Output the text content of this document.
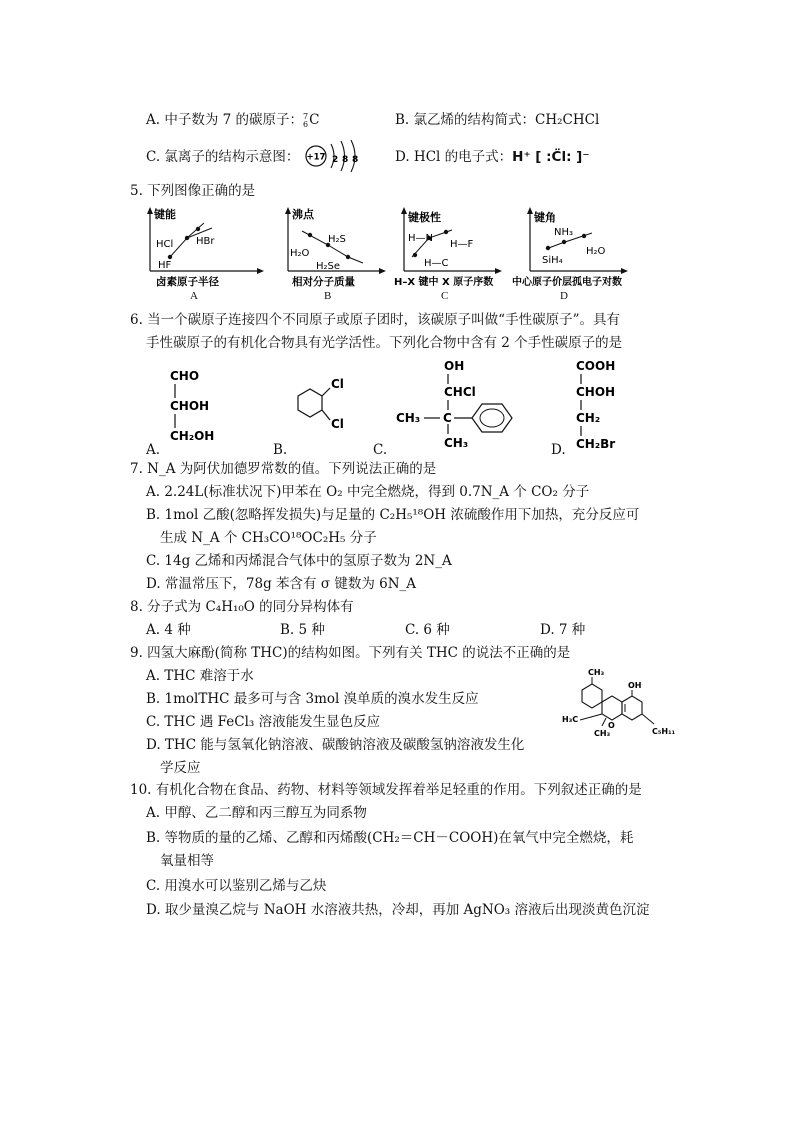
A. 中子数为 7 的碳原子：7
6C	B. 氯乙烯的结构简式：CH₂CHCl
C. 氯离子的结构示意图： +17 2 8 8	D. HCl 的电子式：H⁺ [ :C̈l: ]⁻
5. 下列图像正确的是
键能
HF
HCl HBr
卤素原子半径
A
沸点
H₂O
H₂S
H₂Se
相对分子质量
B
键极性
H—N
H—F
H—C
H–X 键中 X 原子序数
C
键角
SiH₄
NH₃
H₂O
中心原子价层孤电子对数
D
6. 当一个碳原子连接四个不同原子或原子团时，该碳原子叫做“手性碳原子”。具有
手性碳原子的有机化合物具有光学活性。下列化合物中含有 2 个手性碳原子的是
A.
CHO
CHOH
CH₂OH
B.
Cl
Cl
C.
OH
CHCl
CH₃ C
CH₃	D.
COOH
CHOH
CH₂
CH₂Br
7. N_A 为阿伏加德罗常数的值。下列说法正确的是
A. 2.24L(标准状况下)甲苯在 O₂ 中完全燃烧，得到 0.7N_A 个 CO₂ 分子
B. 1mol 乙酸(忽略挥发损失)与足量的 C₂H₅¹⁸OH 浓硫酸作用下加热，充分反应可
生成 N_A 个 CH₃CO¹⁸OC₂H₅ 分子
C. 14g 乙烯和丙烯混合气体中的氢原子数为 2N_A
D. 常温常压下，78g 苯含有 σ 键数为 6N_A
8. 分子式为 C₄H₁₀O 的同分异构体有
A. 4 种	B. 5 种	C. 6 种	D. 7 种
9. 四氢大麻酚(简称 THC)的结构如图。下列有关 THC 的说法不正确的是
A. THC 难溶于水
B. 1molTHC 最多可与含 3mol 溴单质的溴水发生反应
C. THC 遇 FeCl₃ 溶液能发生显色反应
D. THC 能与氢氧化钠溶液、碳酸钠溶液及碳酸氢钠溶液发生化
学反应
CH₃
OH
H₃C
CH₃
O
C₅H₁₁
10. 有机化合物在食品、药物、材料等领域发挥着举足轻重的作用。下列叙述正确的是
A. 甲醇、乙二醇和丙三醇互为同系物
B. 等物质的量的乙烯、乙醇和丙烯酸(CH₂＝CH－COOH)在氧气中完全燃烧，耗
氧量相等
C. 用溴水可以鉴别乙烯与乙炔
D. 取少量溴乙烷与 NaOH 水溶液共热，冷却，再加 AgNO₃ 溶液后出现淡黄色沉淀
